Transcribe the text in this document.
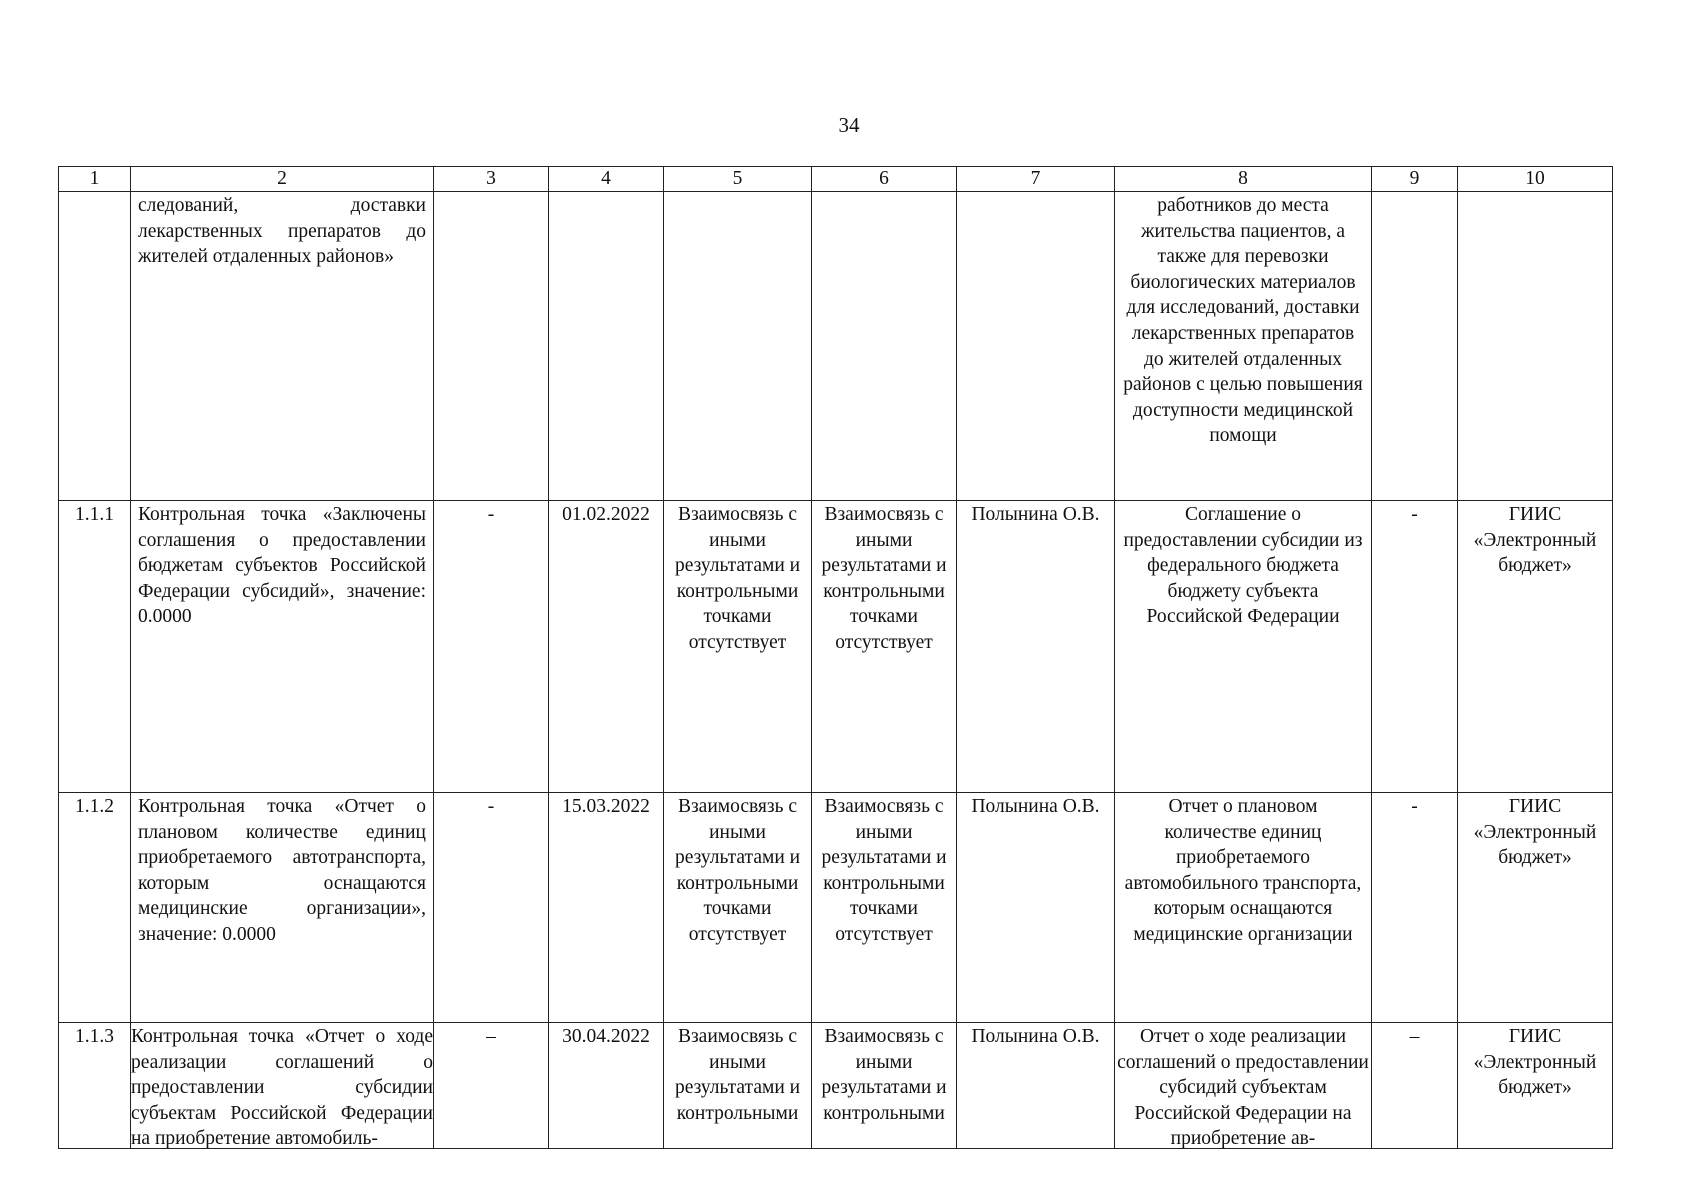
34
1	2	3	4	5	6	7	8	9	10
	следований, доставки лекарственных препаратов до жителей отдаленных районов»						работников до места жительства пациентов, а также для перевозки биологических материалов для исследований, доставки лекарственных препаратов до жителей отдаленных районов с целью повышения доступности медицинской помощи		
1.1.1	Контрольная точка «Заключены соглашения о предоставлении бюджетам субъектов Российской Федерации субсидий», значение: 0.0000	-	01.02.2022	Взаимосвязь с иными результатами и контрольными точками отсутствует	Взаимосвязь с иными результатами и контрольными точками отсутствует	Полынина О.В.	Соглашение о предоставлении субсидии из федерального бюджета бюджету субъекта Российской Федерации	-	ГИИС «Электронный бюджет»
1.1.2	Контрольная точка «Отчет о плановом количестве единиц приобретаемого автотранспорта, которым оснащаются медицинские организации», значение: 0.0000	-	15.03.2022	Взаимосвязь с иными результатами и контрольными точками отсутствует	Взаимосвязь с иными результатами и контрольными точками отсутствует	Полынина О.В.	Отчет о плановом количестве единиц приобретаемого автомобильного транспорта, которым оснащаются медицинские организации	-	ГИИС «Электронный бюджет»
1.1.3	Контрольная точка «Отчет о ходе реализации соглашений о предоставлении субсидии субъектам Российской Федерации на приобретение автомобиль-	–	30.04.2022	Взаимосвязь с иными результатами и контрольными	Взаимосвязь с иными результатами и контрольными	Полынина О.В.	Отчет о ходе реализации соглашений о предоставлении субсидий субъектам Российской Федерации на приобретение ав-	–	ГИИС «Электронный бюджет»
